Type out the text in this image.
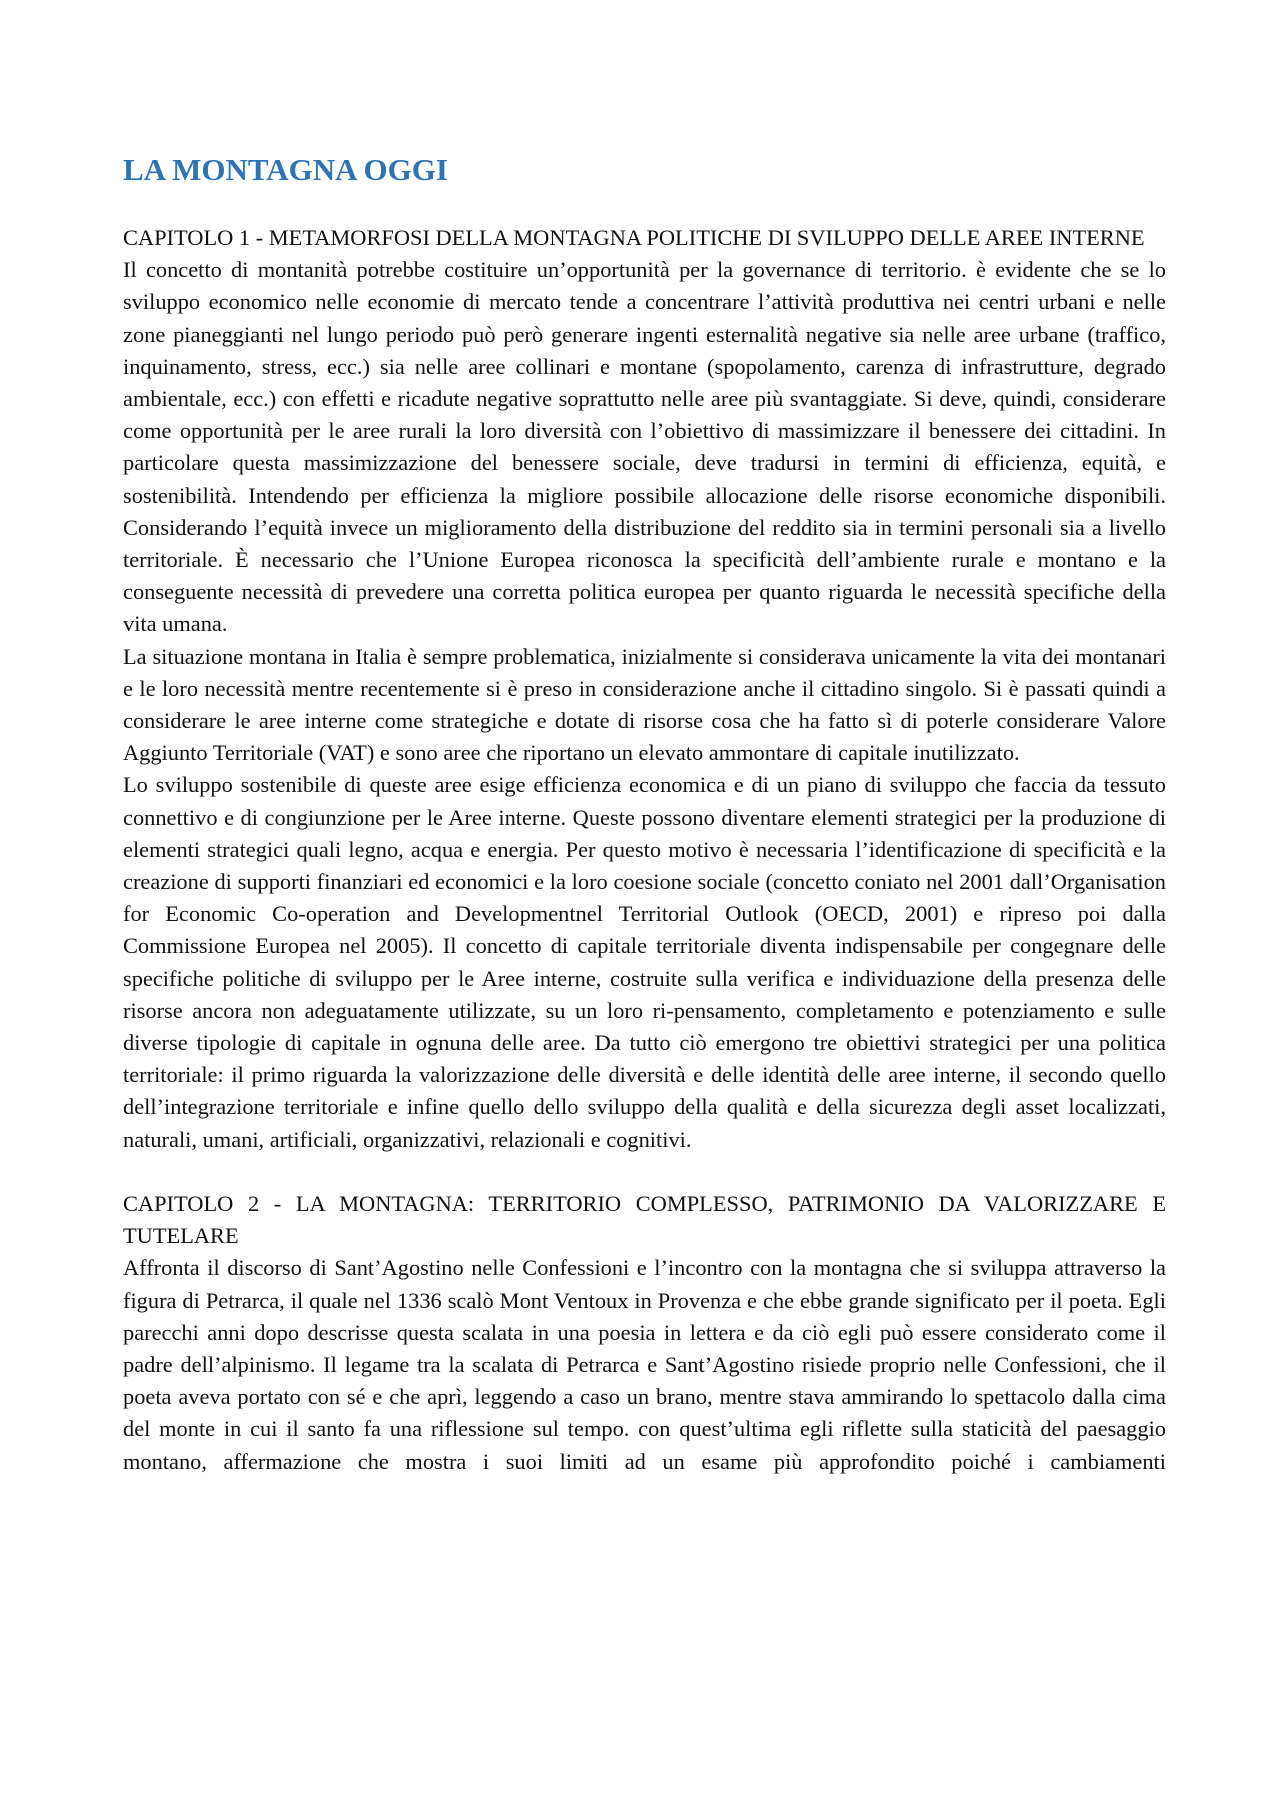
LA MONTAGNA OGGI
CAPITOLO 1 - METAMORFOSI DELLA MONTAGNA POLITICHE DI SVILUPPO DELLE AREE INTERNE

Il concetto di montanità potrebbe costituire un’opportunità per la governance di territorio. è evidente che se lo sviluppo economico nelle economie di mercato tende a concentrare l’attività produttiva nei centri urbani e nelle zone pianeggianti nel lungo periodo può però generare ingenti esternalità negative sia nelle aree urbane (traffico, inquinamento, stress, ecc.) sia nelle aree collinari e montane (spopolamento, carenza di infrastrutture, degrado ambientale, ecc.) con effetti e ricadute negative soprattutto nelle aree più svantaggiate. Si deve, quindi, considerare come opportunità per le aree rurali la loro diversità con l’obiettivo di massimizzare il benessere dei cittadini. In particolare questa massimizzazione del benessere sociale, deve tradursi in termini di efficienza, equità, e sostenibilità. Intendendo per efficienza la migliore possibile allocazione delle risorse economiche disponibili. Considerando l’equità invece un miglioramento della distribuzione del reddito sia in termini personali sia a livello territoriale. È necessario che l’Unione Europea riconosca la specificità dell’ambiente rurale e montano e la conseguente necessità di prevedere una corretta politica europea per quanto riguarda le necessità specifiche della vita umana.

La situazione montana in Italia è sempre problematica, inizialmente si considerava unicamente la vita dei montanari e le loro necessità mentre recentemente si è preso in considerazione anche il cittadino singolo. Si è passati quindi a considerare le aree interne come strategiche e dotate di risorse cosa che ha fatto sì di poterle considerare Valore Aggiunto Territoriale (VAT) e sono aree che riportano un elevato ammontare di capitale inutilizzato.

Lo sviluppo sostenibile di queste aree esige efficienza economica e di un piano di sviluppo che faccia da tessuto connettivo e di congiunzione per le Aree interne. Queste possono diventare elementi strategici per la produzione di elementi strategici quali legno, acqua e energia. Per questo motivo è necessaria l’identificazione di specificità e la creazione di supporti finanziari ed economici e la loro coesione sociale (concetto coniato nel 2001 dall’Organisation for Economic Co-operation and Developmentnel Territorial Outlook (OECD, 2001) e ripreso poi dalla Commissione Europea nel 2005). Il concetto di capitale territoriale diventa indispensabile per congegnare delle specifiche politiche di sviluppo per le Aree interne, costruite sulla verifica e individuazione della presenza delle risorse ancora non adeguatamente utilizzate, su un loro ri-pensamento, completamento e potenziamento e sulle diverse tipologie di capitale in ognuna delle aree. Da tutto ciò emergono tre obiettivi strategici per una politica territoriale: il primo riguarda la valorizzazione delle diversità e delle identità delle aree interne, il secondo quello dell’integrazione territoriale e infine quello dello sviluppo della qualità e della sicurezza degli asset localizzati, naturali, umani, artificiali, organizzativi, relazionali e cognitivi.

CAPITOLO 2 - LA MONTAGNA: TERRITORIO COMPLESSO, PATRIMONIO DA VALORIZZARE E TUTELARE

Affronta il discorso di Sant’Agostino nelle Confessioni e l’incontro con la montagna che si sviluppa attraverso la figura di Petrarca, il quale nel 1336 scalò Mont Ventoux in Provenza e che ebbe grande significato per il poeta. Egli parecchi anni dopo descrisse questa scalata in una poesia in lettera e da ciò egli può essere considerato come il padre dell’alpinismo. Il legame tra la scalata di Petrarca e Sant’Agostino risiede proprio nelle Confessioni, che il poeta aveva portato con sé e che aprì, leggendo a caso un brano, mentre stava ammirando lo spettacolo dalla cima del monte in cui il santo fa una riflessione sul tempo. con quest’ultima egli riflette sulla staticità del paesaggio montano, affermazione che mostra i suoi limiti ad un esame più approfondito poiché i cambiamenti
